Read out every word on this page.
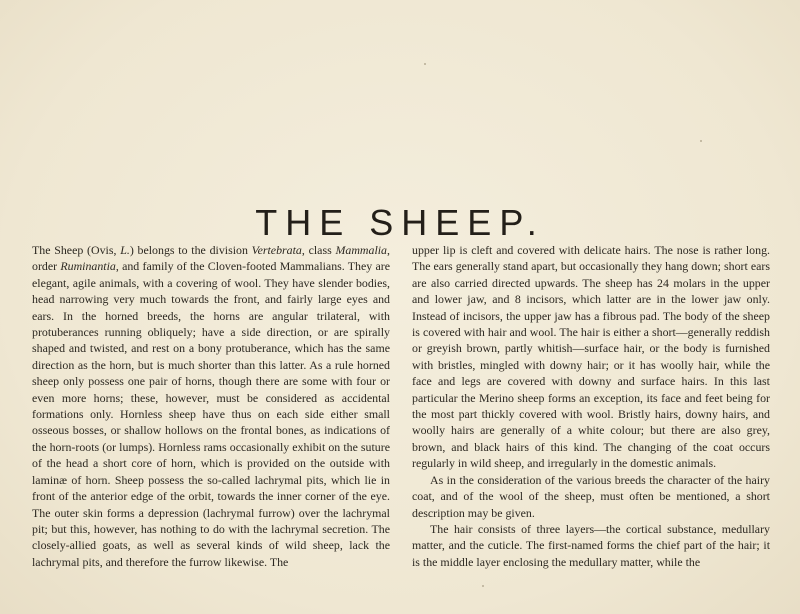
THE SHEEP.

The Sheep (Ovis, L.) belongs to the division Vertebrata, class Mammalia, order Ruminantia, and family of the Cloven-footed Mammalians. They are elegant, agile animals, with a covering of wool. They have slender bodies, head narrowing very much towards the front, and fairly large eyes and ears. In the horned breeds, the horns are angular trilateral, with protuberances running obliquely; have a side direction, or are spirally shaped and twisted, and rest on a bony protuberance, which has the same direction as the horn, but is much shorter than this latter. As a rule horned sheep only possess one pair of horns, though there are some with four or even more horns; these, however, must be considered as accidental formations only. Hornless sheep have thus on each side either small osseous bosses, or shallow hollows on the frontal bones, as indications of the horn-roots (or lumps). Hornless rams occasionally exhibit on the suture of the head a short core of horn, which is provided on the outside with laminæ of horn. Sheep possess the so-called lachrymal pits, which lie in front of the anterior edge of the orbit, towards the inner corner of the eye. The outer skin forms a depression (lachrymal furrow) over the lachrymal pit; but this, however, has nothing to do with the lachrymal secretion. The closely-allied goats, as well as several kinds of wild sheep, lack the lachrymal pits, and therefore the furrow likewise. The

upper lip is cleft and covered with delicate hairs. The nose is rather long. The ears generally stand apart, but occasionally they hang down; short ears are also carried directed upwards. The sheep has 24 molars in the upper and lower jaw, and 8 incisors, which latter are in the lower jaw only. Instead of incisors, the upper jaw has a fibrous pad. The body of the sheep is covered with hair and wool. The hair is either a short—generally reddish or greyish brown, partly whitish—surface hair, or the body is furnished with bristles, mingled with downy hair; or it has woolly hair, while the face and legs are covered with downy and surface hairs. In this last particular the Merino sheep forms an exception, its face and feet being for the most part thickly covered with wool. Bristly hairs, downy hairs, and woolly hairs are generally of a white colour; but there are also grey, brown, and black hairs of this kind. The changing of the coat occurs regularly in wild sheep, and irregularly in the domestic animals.

As in the consideration of the various breeds the character of the hairy coat, and of the wool of the sheep, must often be mentioned, a short description may be given.

The hair consists of three layers—the cortical substance, medullary matter, and the cuticle. The first-named forms the chief part of the hair; it is the middle layer enclosing the medullary matter, while the
